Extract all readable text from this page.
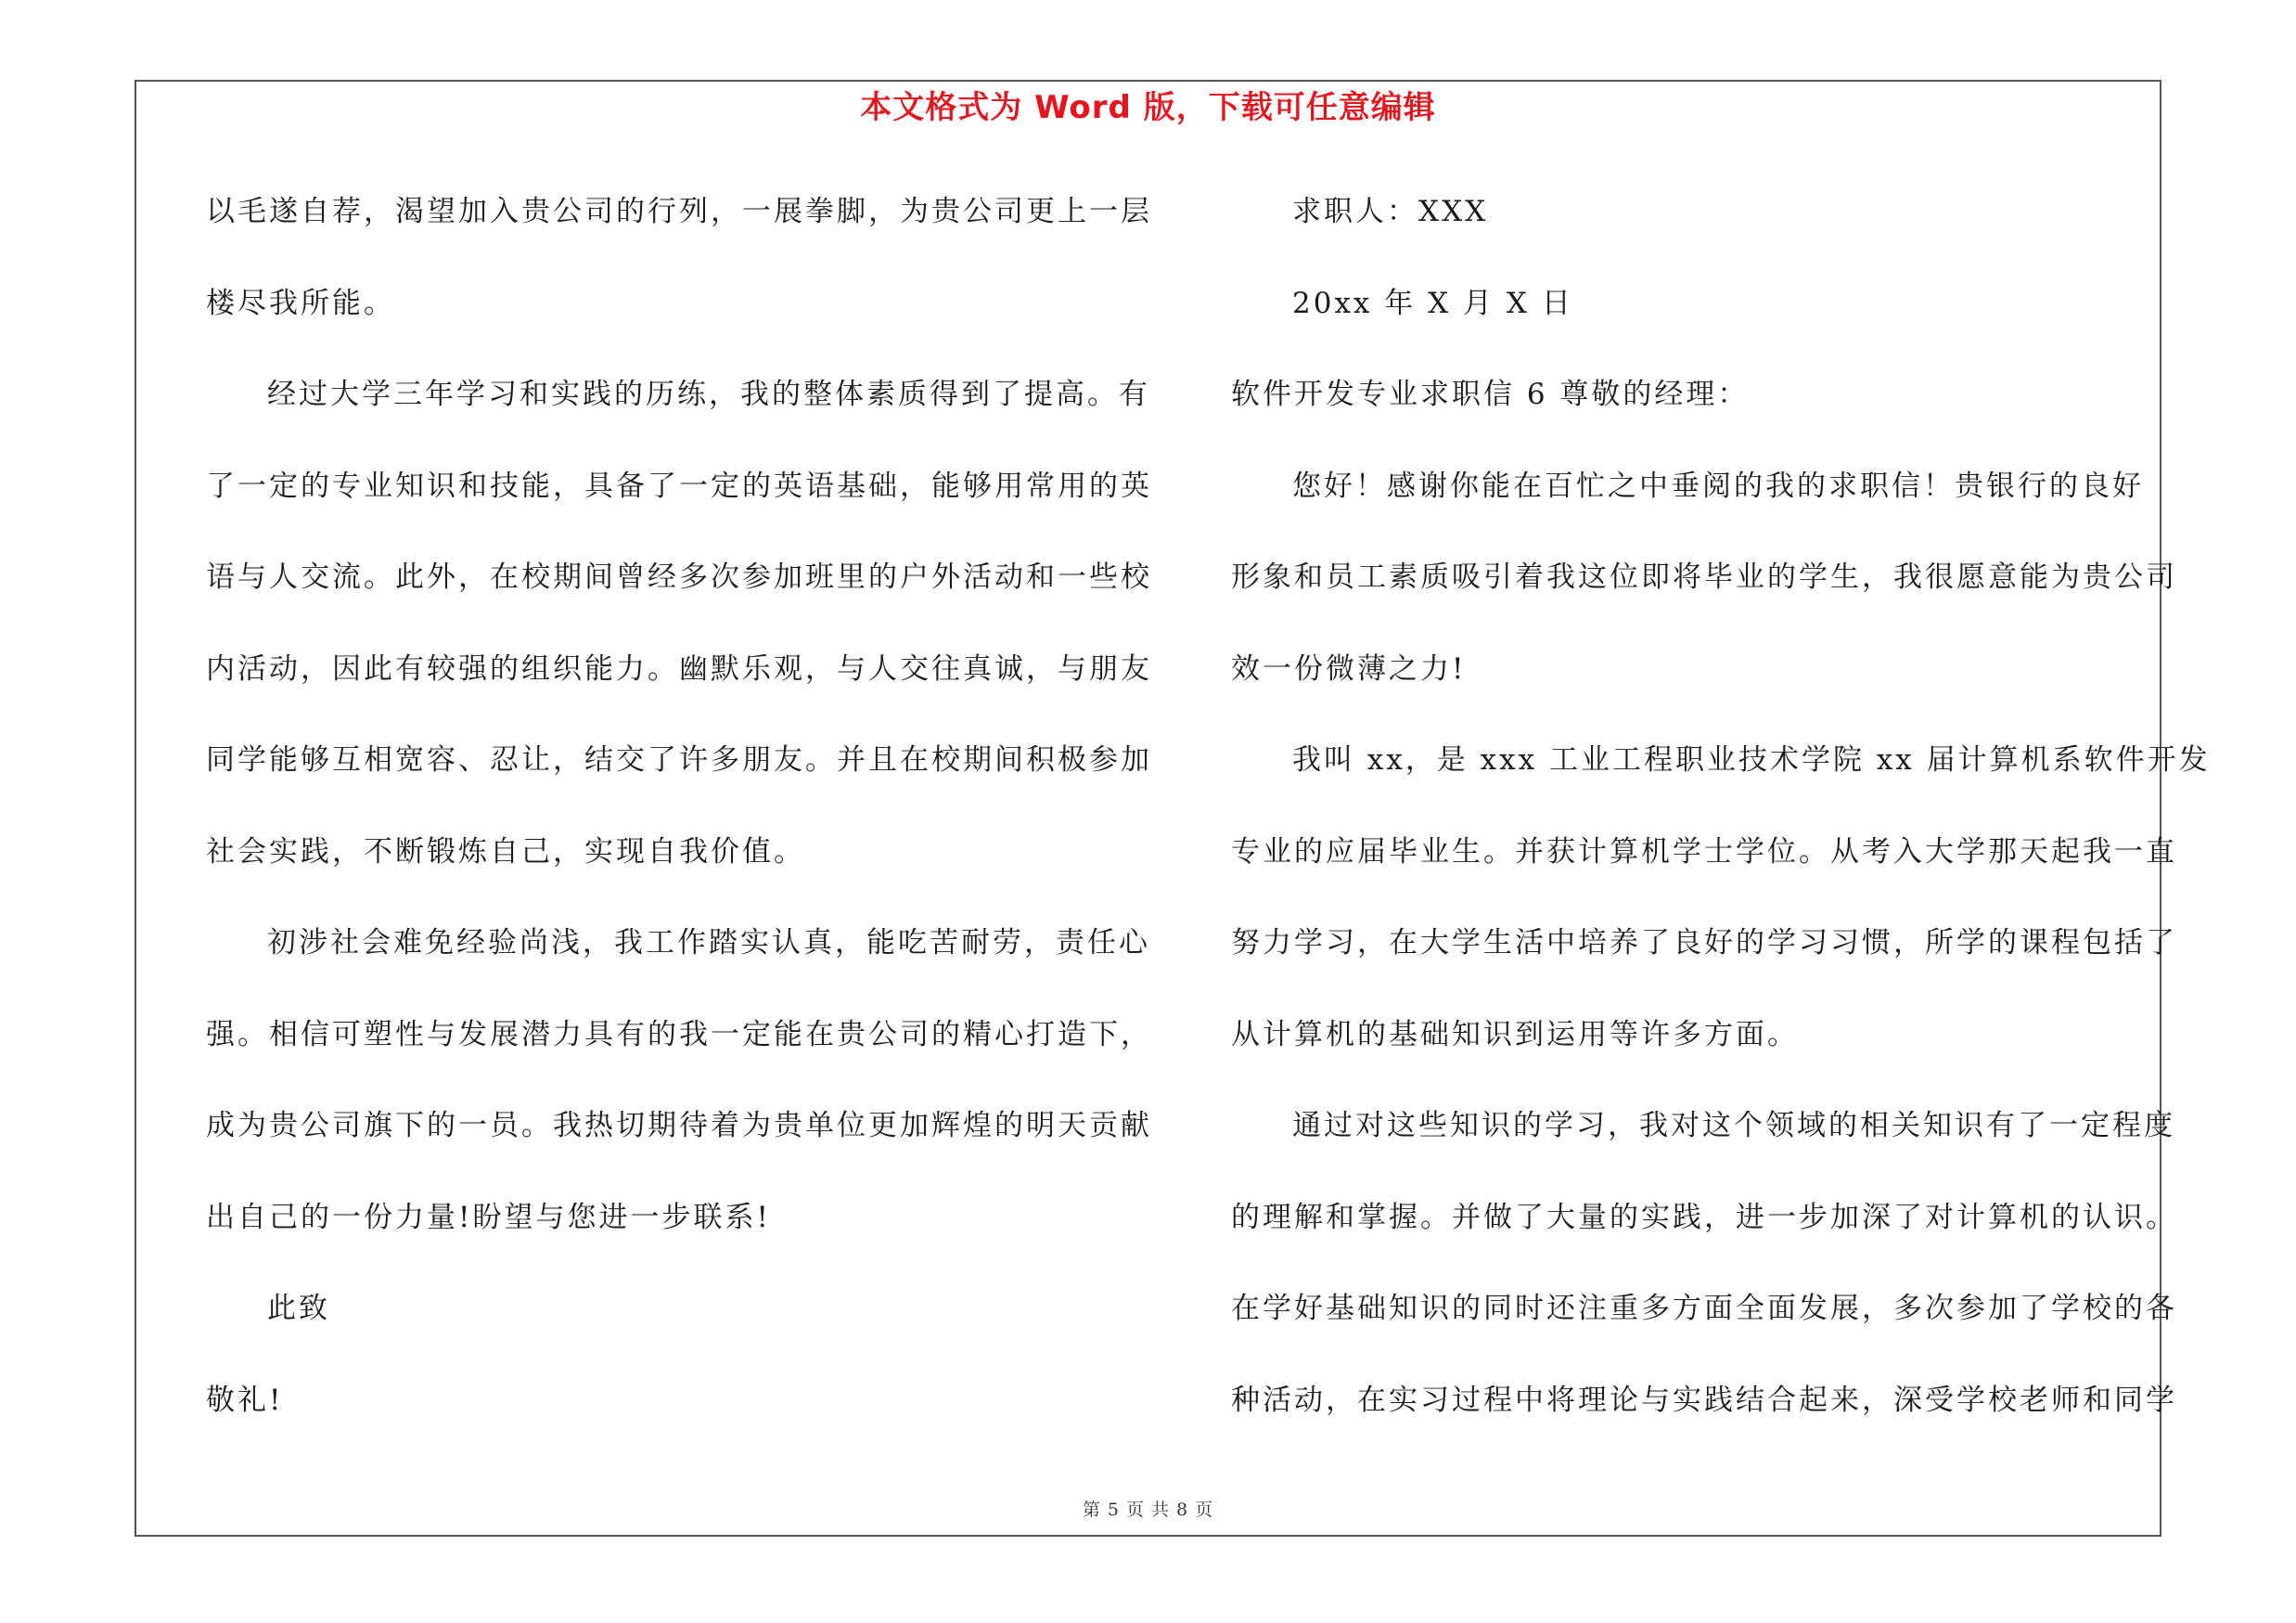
本文格式为 Word 版，下载可任意编辑
以毛遂自荐，渴望加入贵公司的行列，一展拳脚，为贵公司更上一层
楼尽我所能。
经过大学三年学习和实践的历练，我的整体素质得到了提高。有
了一定的专业知识和技能，具备了一定的英语基础，能够用常用的英
语与人交流。此外，在校期间曾经多次参加班里的户外活动和一些校
内活动，因此有较强的组织能力。幽默乐观，与人交往真诚，与朋友
同学能够互相宽容、忍让，结交了许多朋友。并且在校期间积极参加
社会实践，不断锻炼自己，实现自我价值。
初涉社会难免经验尚浅，我工作踏实认真，能吃苦耐劳，责任心
强。相信可塑性与发展潜力具有的我一定能在贵公司的精心打造下，
成为贵公司旗下的一员。我热切期待着为贵单位更加辉煌的明天贡献
出自己的一份力量!盼望与您进一步联系!
此致
敬礼!
求职人：XXX
20xx 年 X 月 X 日
软件开发专业求职信 6 尊敬的经理：
您好！感谢你能在百忙之中垂阅的我的求职信！贵银行的良好
形象和员工素质吸引着我这位即将毕业的学生，我很愿意能为贵公司
效一份微薄之力!
我叫 xx，是 xxx 工业工程职业技术学院 xx 届计算机系软件开发
专业的应届毕业生。并获计算机学士学位。从考入大学那天起我一直
努力学习，在大学生活中培养了良好的学习习惯，所学的课程包括了
从计算机的基础知识到运用等许多方面。
通过对这些知识的学习，我对这个领域的相关知识有了一定程度
的理解和掌握。并做了大量的实践，进一步加深了对计算机的认识。
在学好基础知识的同时还注重多方面全面发展，多次参加了学校的各
种活动，在实习过程中将理论与实践结合起来，深受学校老师和同学
第 5 页 共 8 页
